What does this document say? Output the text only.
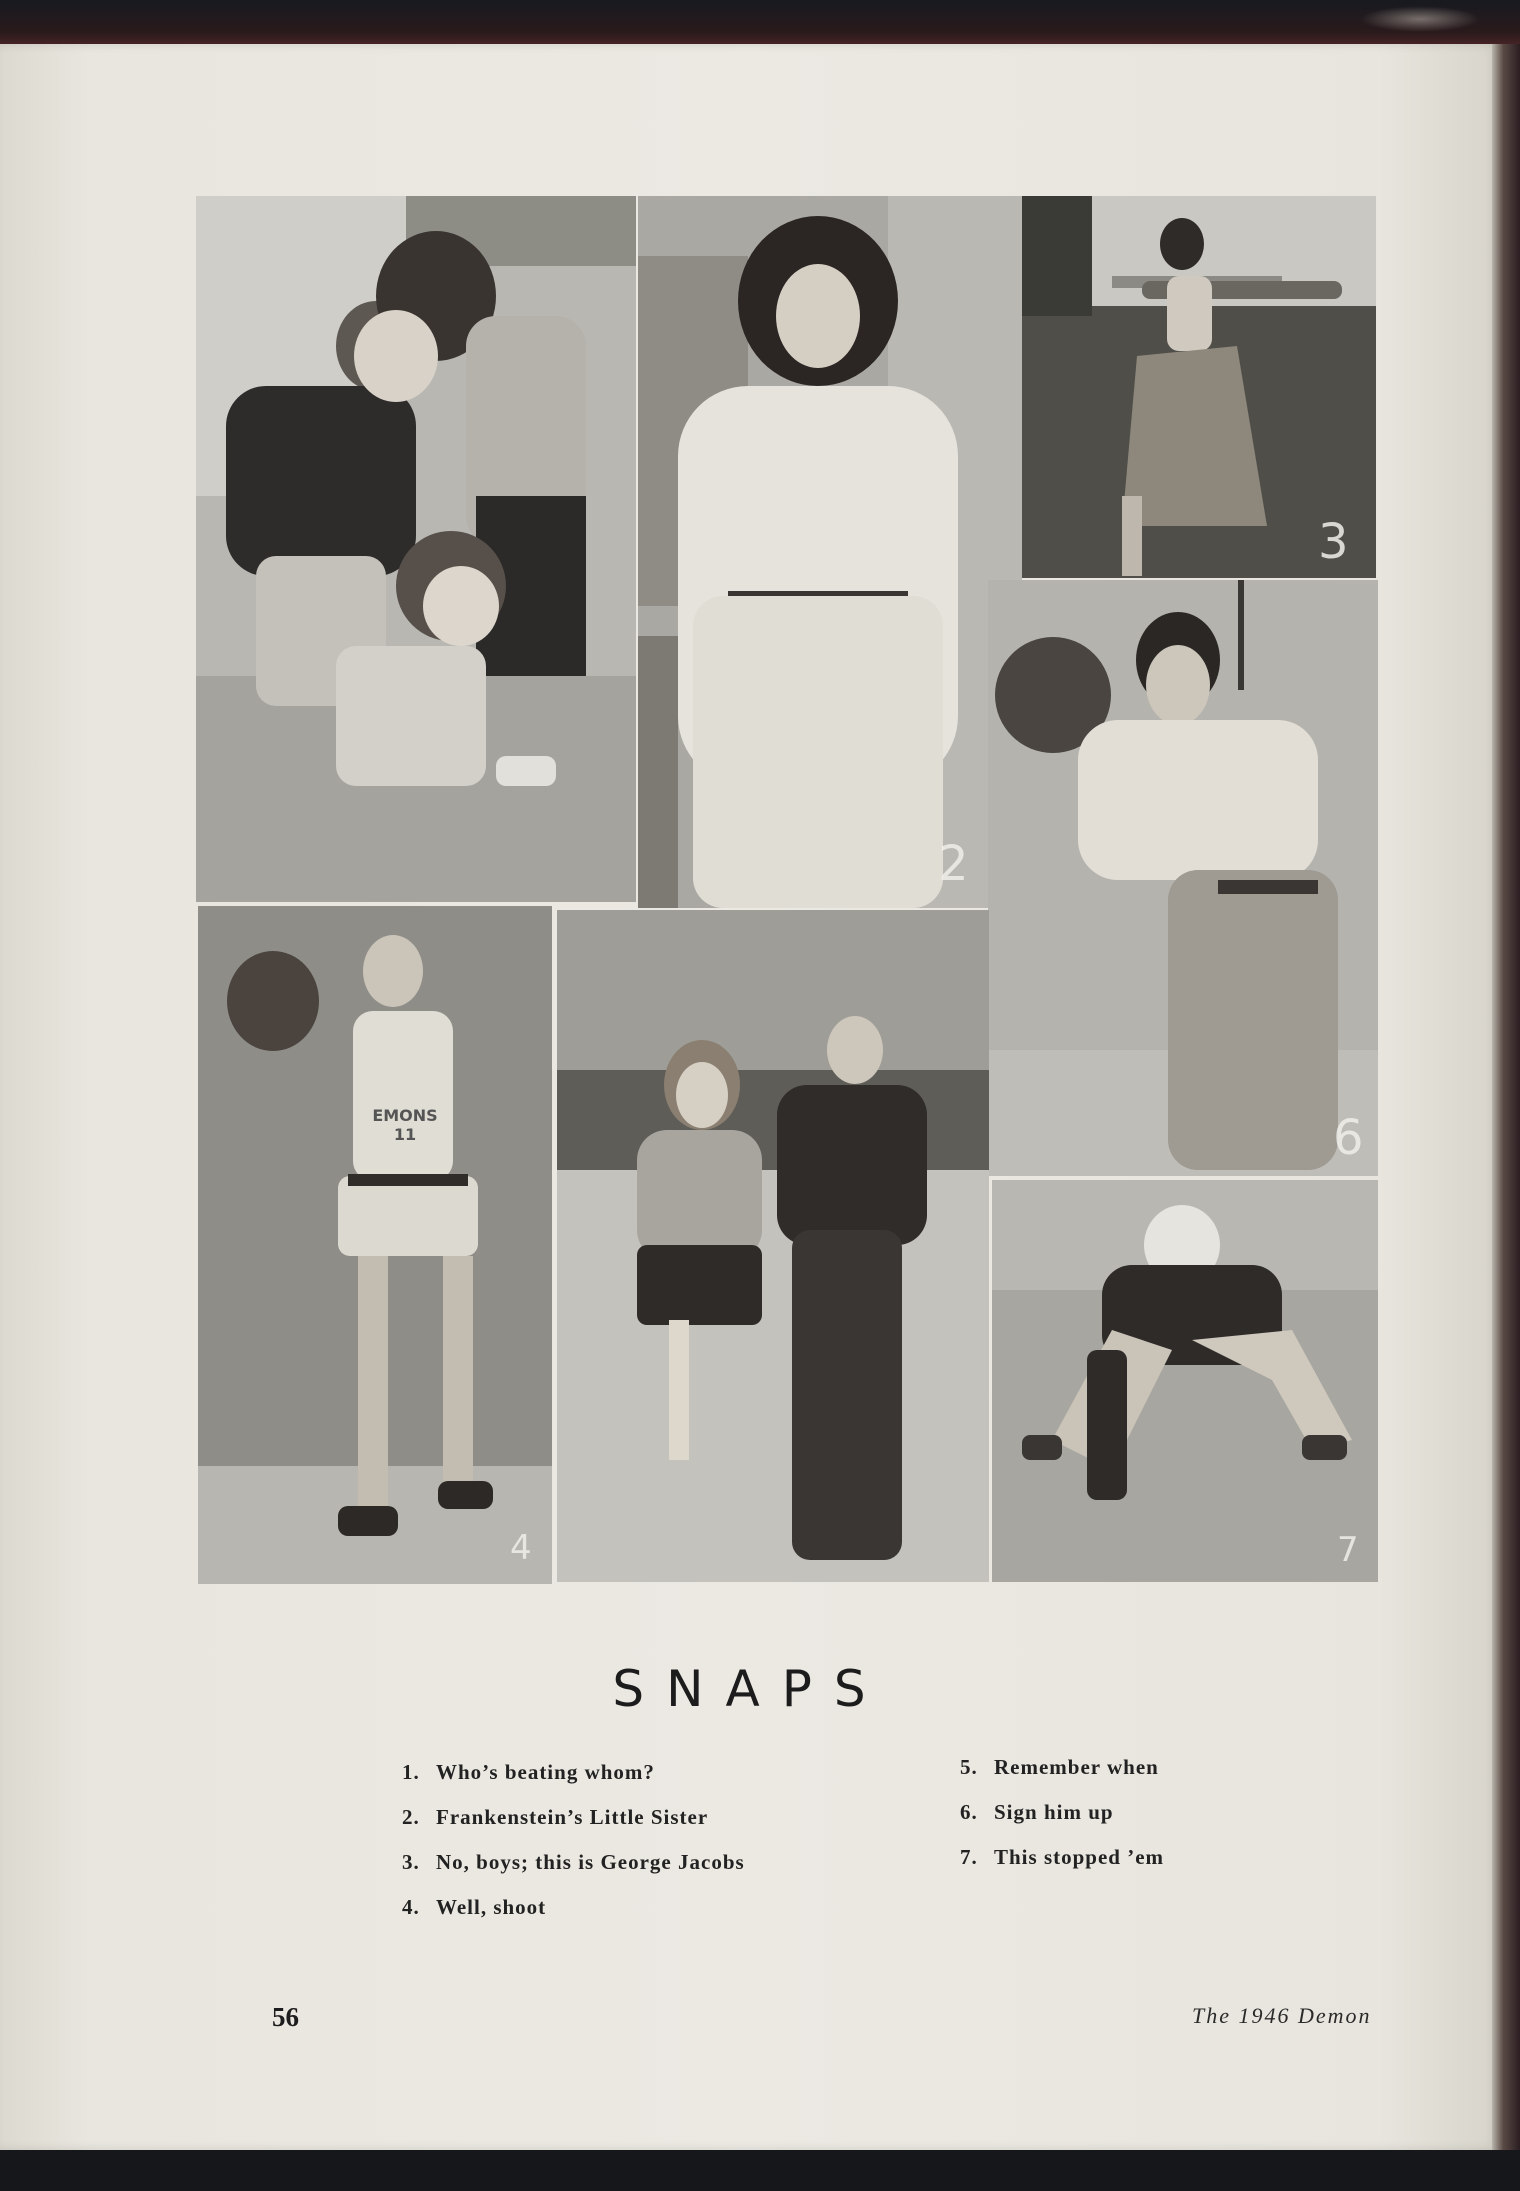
2
3
6
EMONS 11
4	7
SNAPS
1. Who’s beating whom?
2. Frankenstein’s Little Sister
3. No, boys; this is George Jacobs
4. Well, shoot
5. Remember when
6. Sign him up
7. This stopped ’em
56	The 1946 Demon
